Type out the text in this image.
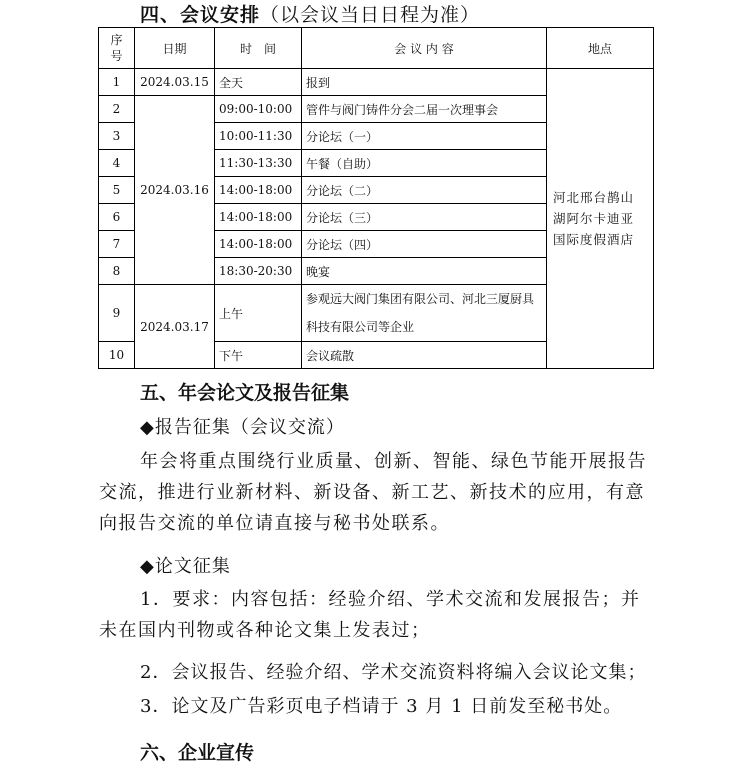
四、会议安排（以会议当日日程为准）
序号	日期	时　间	会 议 内 容	地点
1	2024.03.15	全天	报到	河北邢台鹊山湖阿尔卡迪亚国际度假酒店
2	2024.03.16	09:00-10:00	管件与阀门铸件分会二届一次理事会	
3		10:00-11:30	分论坛（一）	
4		11:30-13:30	午餐（自助）	
5		14:00-18:00	分论坛（二）	
6		14:00-18:00	分论坛（三）	
7		14:00-18:00	分论坛（四）	
8		18:30-20:30	晚宴	
9	2024.03.17	上午	参观远大阀门集团有限公司、河北三厦厨具科技有限公司等企业	
10		下午	会议疏散	
五、年会论文及报告征集
◆报告征集（会议交流）
年会将重点围绕行业质量、创新、智能、绿色节能开展报告交流，推进行业新材料、新设备、新工艺、新技术的应用，有意向报告交流的单位请直接与秘书处联系。
◆论文征集
1．要求：内容包括：经验介绍、学术交流和发展报告；并未在国内刊物或各种论文集上发表过；
2．会议报告、经验介绍、学术交流资料将编入会议论文集；
3．论文及广告彩页电子档请于 3 月 1 日前发至秘书处。
六、企业宣传
